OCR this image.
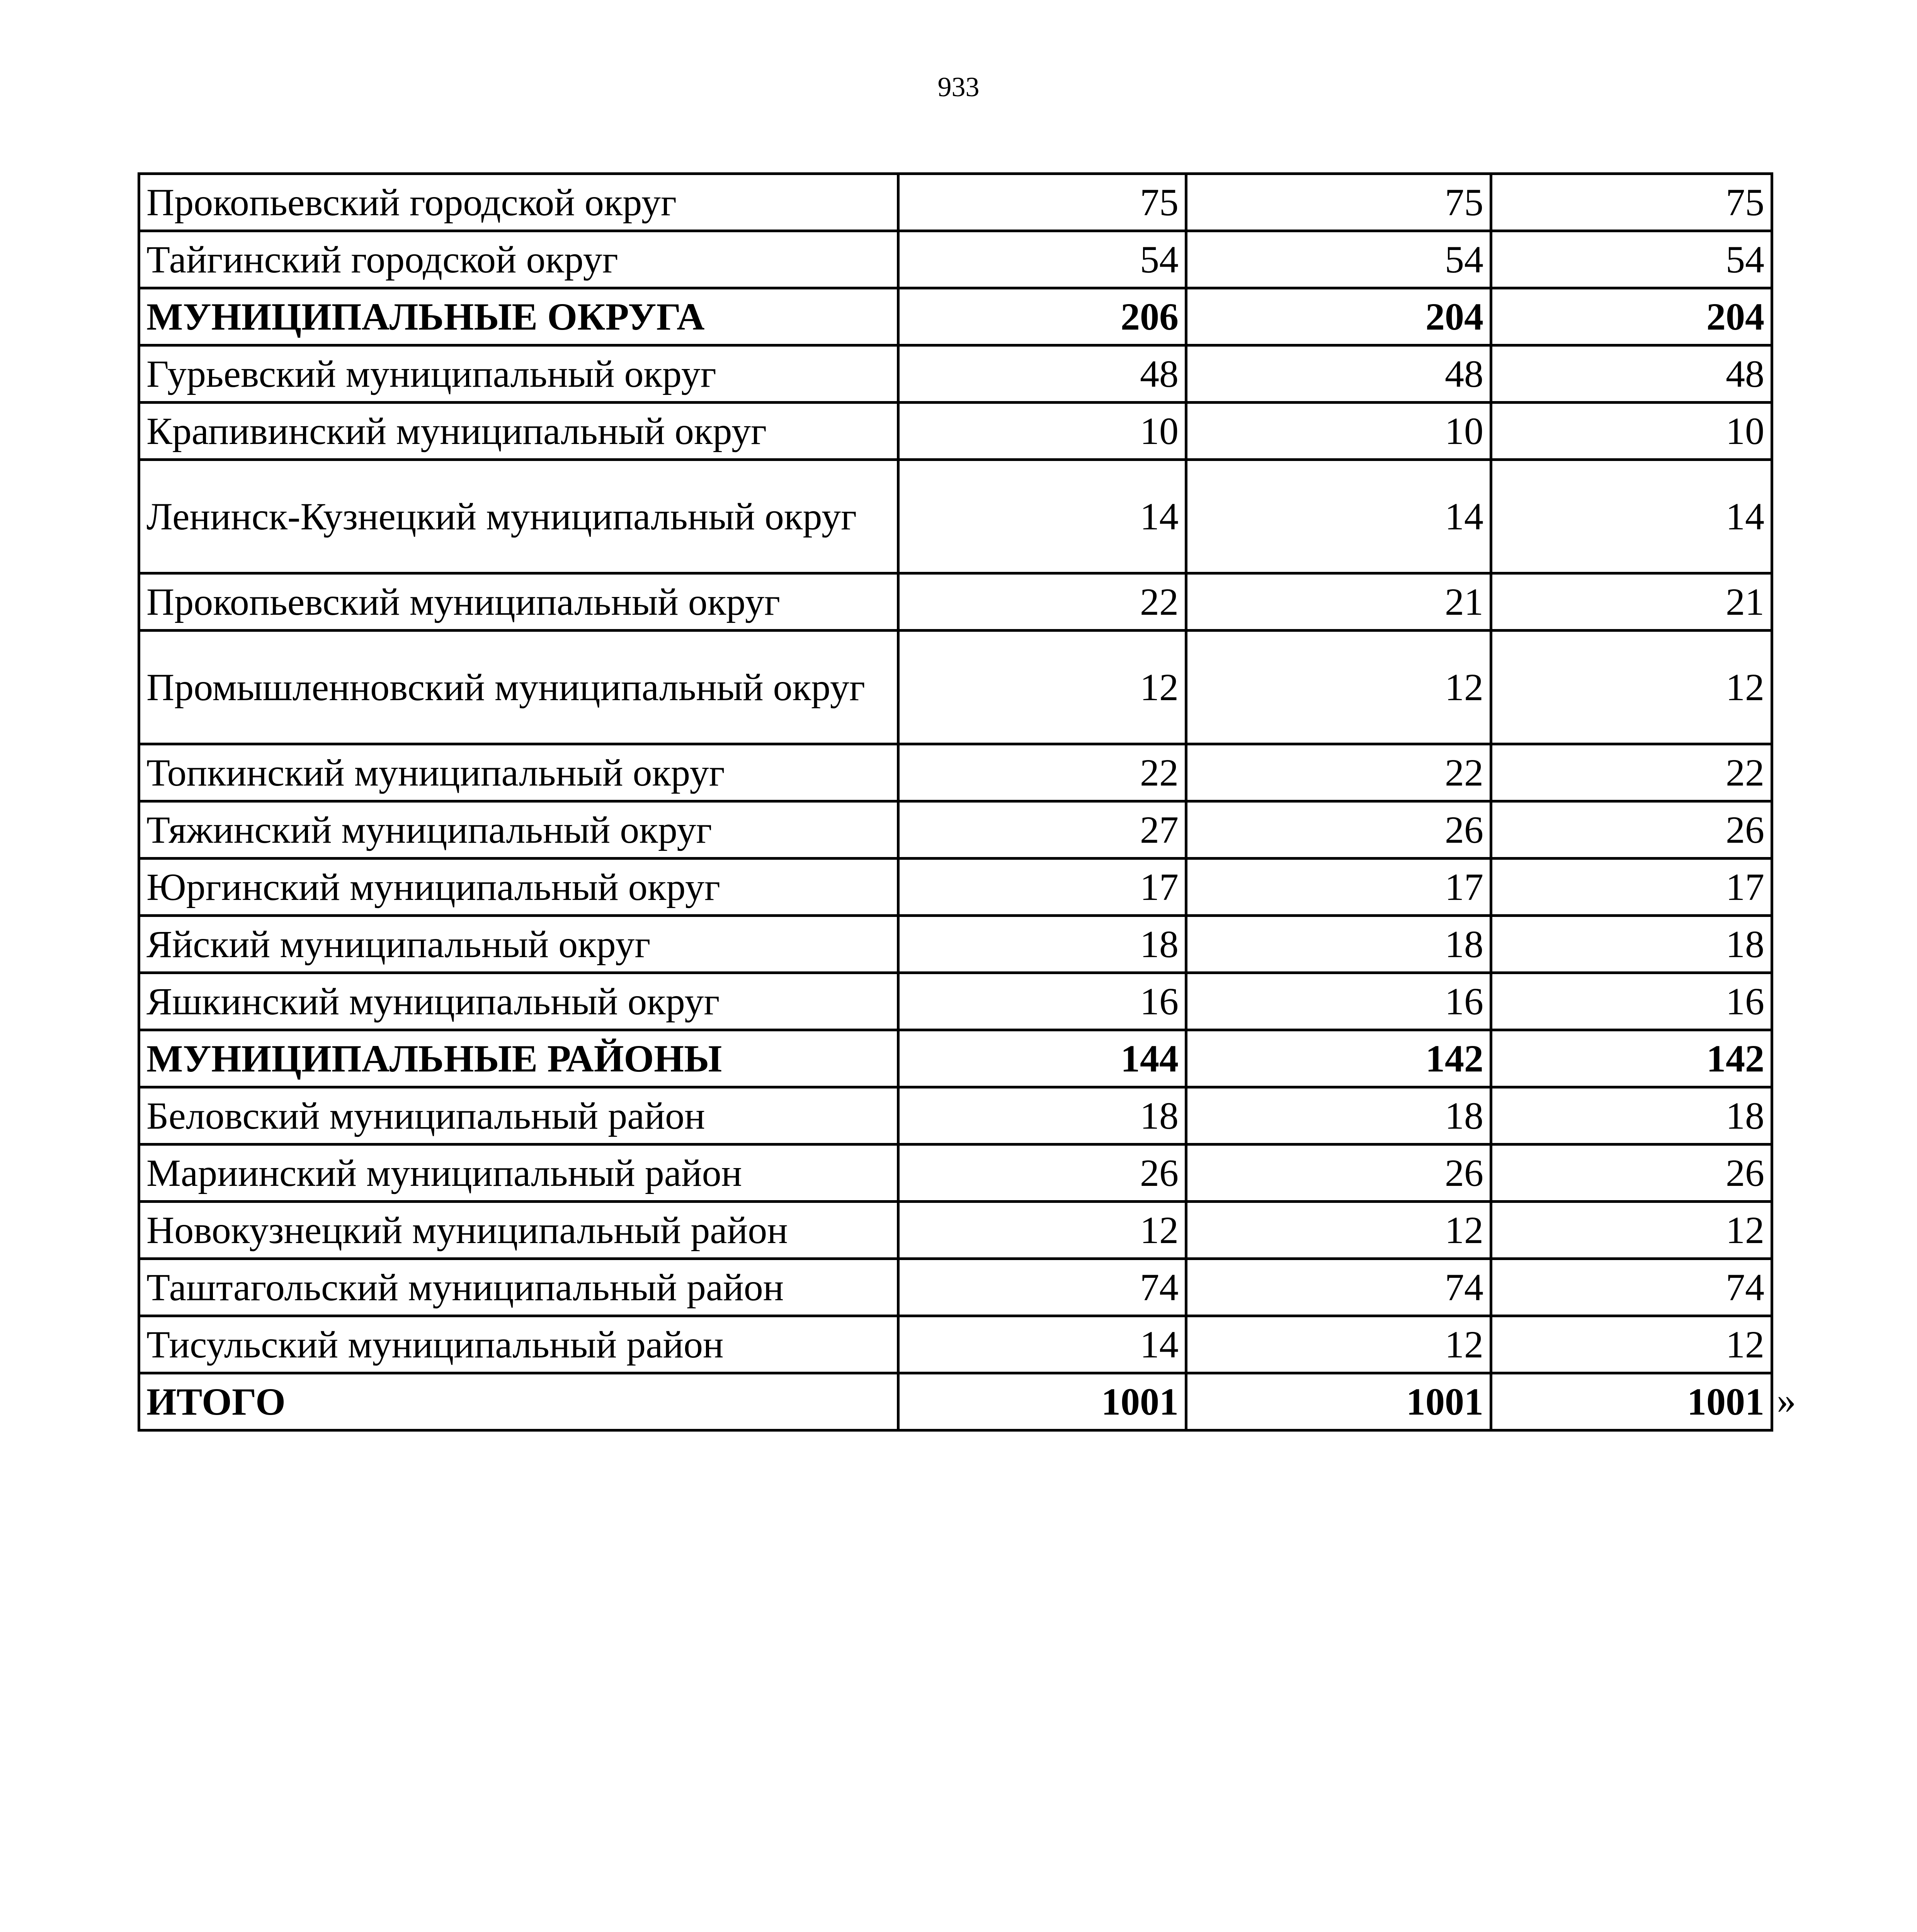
933
Прокопьевский городской округ	75	75	75
Тайгинский городской округ	54	54	54
МУНИЦИПАЛЬНЫЕ ОКРУГА	206	204	204
Гурьевский муниципальный округ	48	48	48
Крапивинский муниципальный округ	10	10	10
Ленинск-Кузнецкий муниципальный округ	14	14	14
Прокопьевский муниципальный округ	22	21	21
Промышленновский муниципальный округ	12	12	12
Топкинский муниципальный округ	22	22	22
Тяжинский муниципальный округ	27	26	26
Юргинский муниципальный округ	17	17	17
Яйский муниципальный округ	18	18	18
Яшкинский муниципальный округ	16	16	16
МУНИЦИПАЛЬНЫЕ РАЙОНЫ	144	142	142
Беловский муниципальный район	18	18	18
Мариинский муниципальный район	26	26	26
Новокузнецкий муниципальный район	12	12	12
Таштагольский муниципальный район	74	74	74
Тисульский муниципальный район	14	12	12
ИТОГО	1001	1001	1001 »
